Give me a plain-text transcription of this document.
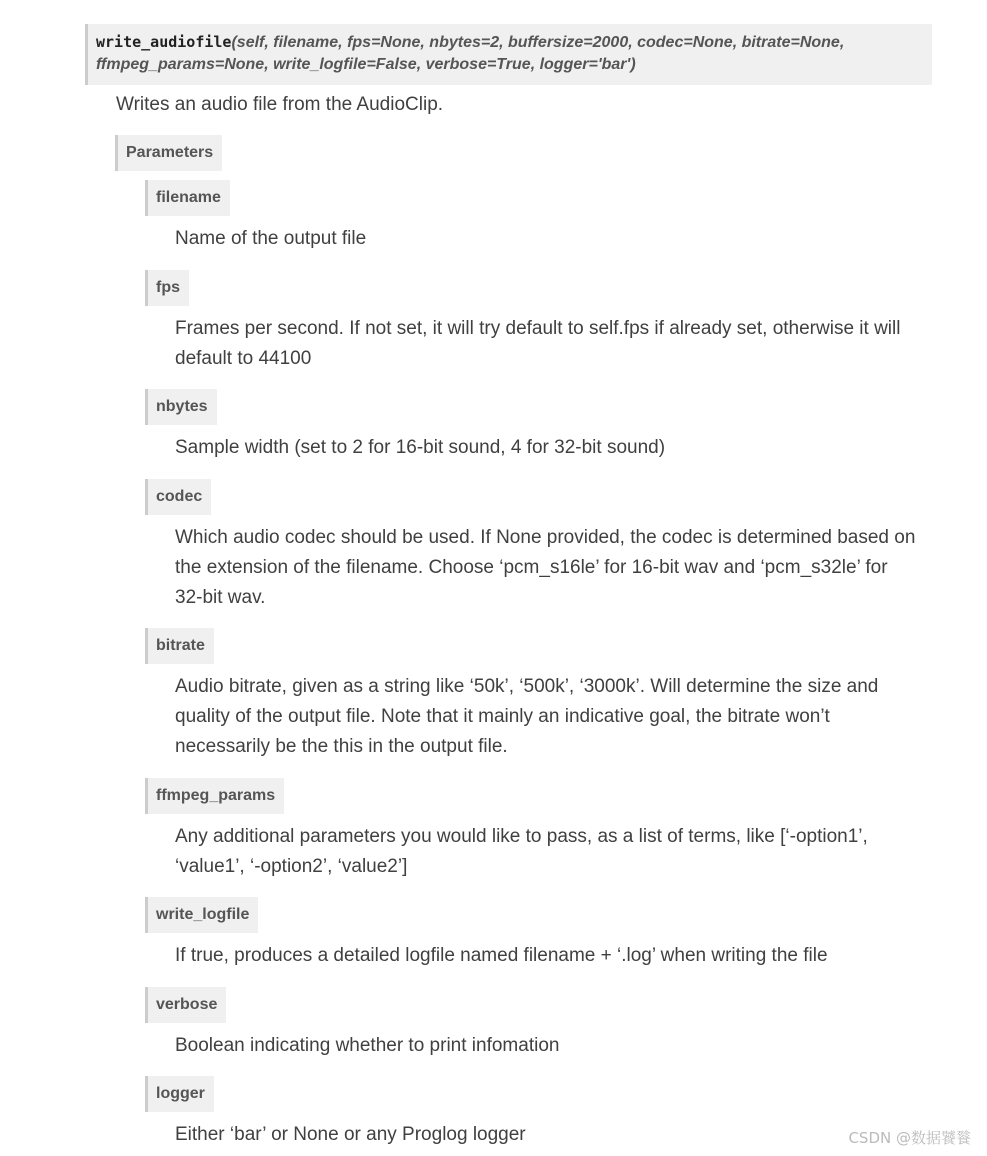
write_audiofile(self, filename, fps=None, nbytes=2, buffersize=2000, codec=None, bitrate=None, ffmpeg_params=None, write_logfile=False, verbose=True, logger='bar')
Writes an audio file from the AudioClip.
Parameters
filename
Name of the output file
fps
Frames per second. If not set, it will try default to self.fps if already set, otherwise it will default to 44100
nbytes
Sample width (set to 2 for 16-bit sound, 4 for 32-bit sound)
codec
Which audio codec should be used. If None provided, the codec is determined based on the extension of the filename. Choose ‘pcm_s16le’ for 16-bit wav and ‘pcm_s32le’ for 32-bit wav.
bitrate
Audio bitrate, given as a string like ‘50k’, ‘500k’, ‘3000k’. Will determine the size and quality of the output file. Note that it mainly an indicative goal, the bitrate won’t necessarily be the this in the output file.
ffmpeg_params
Any additional parameters you would like to pass, as a list of terms, like [‘-option1’, ‘value1’, ‘-option2’, ‘value2’]
write_logfile
If true, produces a detailed logfile named filename + ‘.log’ when writing the file
verbose
Boolean indicating whether to print infomation
logger
Either ‘bar’ or None or any Proglog logger	CSDN @数据饕餮
